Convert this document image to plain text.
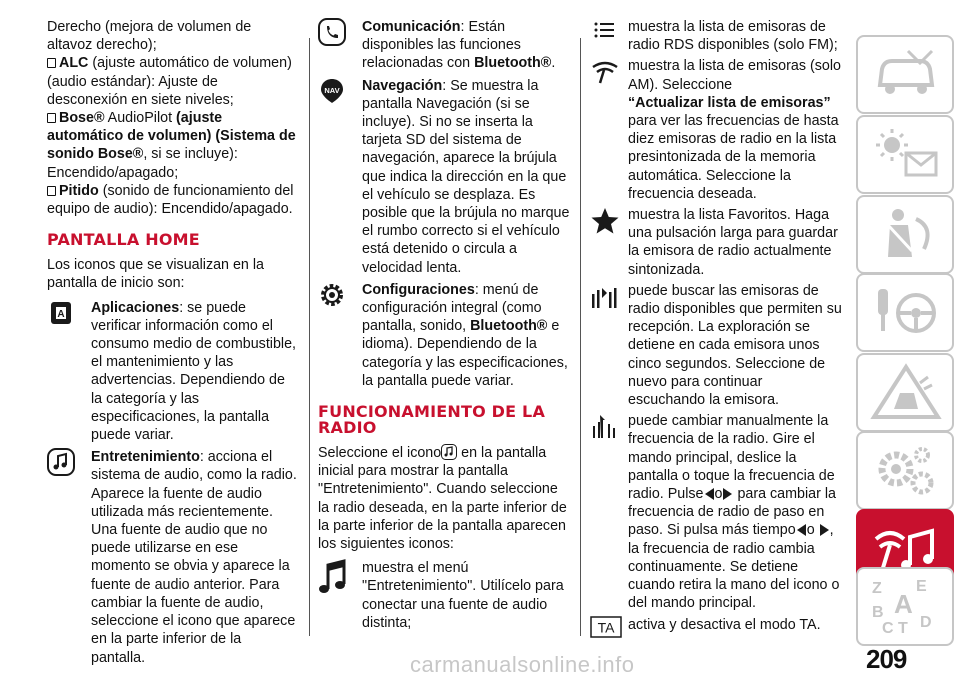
Derecho (mejora de volumen de altavoz derecho);

ALC (ajuste automático de volumen) (audio estándar): Ajuste de desconexión en siete niveles;

Bose® AudioPilot (ajuste automático de volumen) (Sistema de sonido Bose®, si se incluye): Encendido/apagado;

Pitido (sonido de funcionamiento del equipo de audio): Encendido/apagado.

PANTALLA HOME

Los iconos que se visualizan en la pantalla de inicio son:

A Aplicaciones: se puede verificar información como el consumo medio de combustible, el mantenimiento y las advertencias. Dependiendo de la categoría y las especificaciones, la pantalla puede variar.
Entretenimiento: acciona el sistema de audio, como la radio. Aparece la fuente de audio utilizada más recientemente. Una fuente de audio que no puede utilizarse en ese momento se obvia y aparece la fuente de audio anterior. Para cambiar la fuente de audio, seleccione el icono que aparece en la parte inferior de la pantalla.
Comunicación: Están disponibles las funciones relacionadas con Bluetooth®.
NAV Navegación: Se muestra la pantalla Navegación (si se incluye). Si no se inserta la tarjeta SD del sistema de navegación, aparece la brújula que indica la dirección en la que el vehículo se desplaza. Es posible que la brújula no marque el rumbo correcto si el vehículo está detenido o circula a velocidad lenta.
Configuraciones: menú de configuración integral (como pantalla, sonido, Bluetooth® e idioma). Dependiendo de la categoría y las especificaciones, la pantalla puede variar.
FUNCIONAMIENTO DE LA RADIO

Seleccione el icono en la pantalla inicial para mostrar la pantalla "Entretenimiento". Cuando seleccione la radio deseada, en la parte inferior de la parte inferior de la pantalla aparecen los siguientes iconos:

muestra el menú "Entretenimiento". Utilícelo para conectar una fuente de audio distinta;
muestra la lista de emisoras de radio RDS disponibles (solo FM);
muestra la lista de emisoras (solo AM). Seleccione
“Actualizar lista de emisoras” para ver las frecuencias de hasta diez emisoras de radio en la lista presintonizada de la memoria automática. Seleccione la frecuencia deseada.
muestra la lista Favoritos. Haga una pulsación larga para guardar la emisora de radio actualmente sintonizada.
puede buscar las emisoras de radio disponibles que permiten su recepción. La exploración se detiene en cada emisora unos cinco segundos. Seleccione de nuevo para continuar escuchando la emisora.
puede cambiar manualmente la frecuencia de la radio. Gire el mando principal, deslice la pantalla o toque la frecuencia de radio. Pulse o para cambiar la frecuencia de radio de paso en paso. Si pulsa más tiempo o , la frecuencia de radio cambia continuamente. Se detiene cuando retira la mano del icono o del mando principal.
TA activa y desactiva el modo TA.
Z E
B A
C T D
209
carmanualsonline.info
